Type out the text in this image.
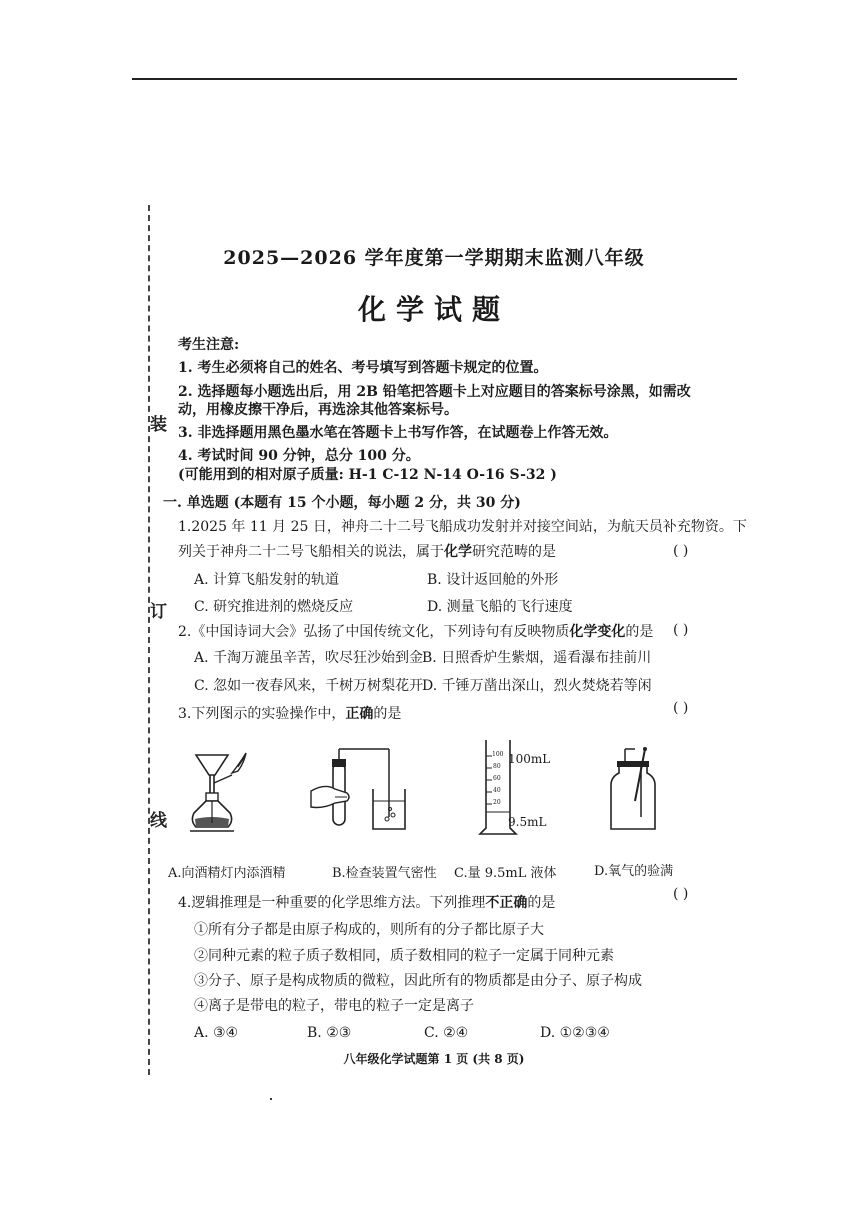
装
订
线
2025—2026 学年度第一学期期末监测八年级
化学试题
考生注意:
1. 考生必须将自己的姓名、考号填写到答题卡规定的位置。
2. 选择题每小题选出后，用 2B 铅笔把答题卡上对应题目的答案标号涂黑，如需改
动，用橡皮擦干净后，再选涂其他答案标号。
3. 非选择题用黑色墨水笔在答题卡上书写作答，在试题卷上作答无效。
4. 考试时间 90 分钟，总分 100 分。
(可能用到的相对原子质量: H-1 C-12 N-14 O-16 S-32 )
一. 单选题 (本题有 15 个小题，每小题 2 分，共 30 分)
1.2025 年 11 月 25 日，神舟二十二号飞船成功发射并对接空间站，为航天员补充物资。下
列关于神舟二十二号飞船相关的说法，属于化学研究范畴的是	( )
A. 计算飞船发射的轨道	B. 设计返回舱的外形
C. 研究推进剂的燃烧反应	D. 测量飞船的飞行速度
2.《中国诗词大会》弘扬了中国传统文化，下列诗句有反映物质化学变化的是 ( )
A. 千淘万漉虽辛苦，吹尽狂沙始到金
B. 日照香炉生紫烟，遥看瀑布挂前川
C. 忽如一夜春风来，千树万树梨花开
D. 千锤万凿出深山，烈火焚烧若等闲
3.下列图示的实验操作中，正确的是	( )
100
80
60
40
20
100mL
9.5mL
A.向酒精灯内添酒精	B.检查装置气密性 C.量 9.5mL 液体	D.氧气的验满
4.逻辑推理是一种重要的化学思维方法。下列推理不正确的是
( )
①所有分子都是由原子构成的，则所有的分子都比原子大
②同种元素的粒子质子数相同，质子数相同的粒子一定属于同种元素
③分子、原子是构成物质的微粒，因此所有的物质都是由分子、原子构成
④离子是带电的粒子，带电的粒子一定是离子
A. ③④	B. ②③	C. ②④	D. ①②③④
八年级化学试题第 1 页 (共 8 页)
